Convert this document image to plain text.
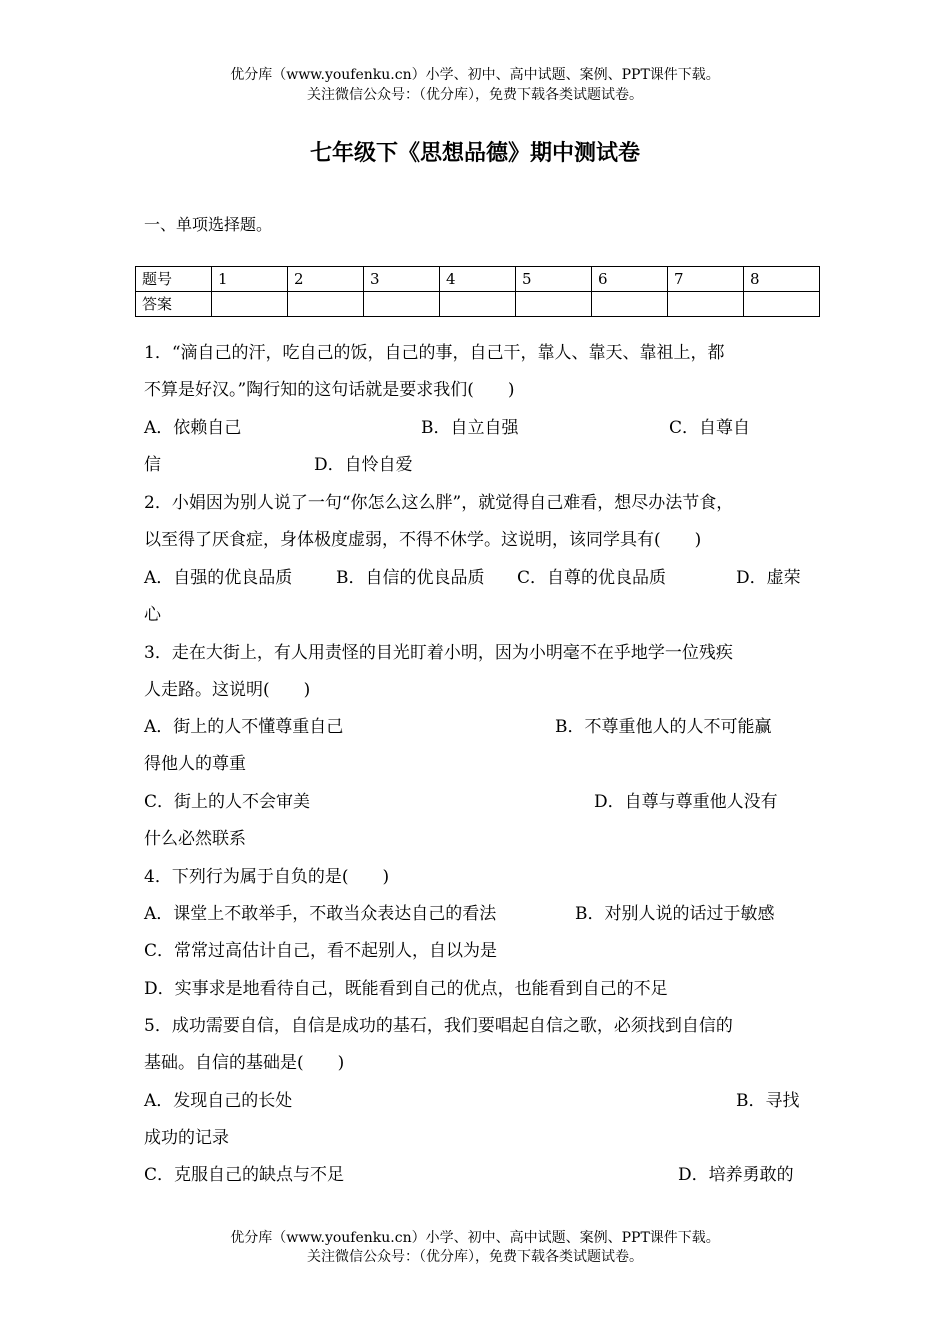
优分库（www.youfenku.cn）小学、初中、高中试题、案例、PPT课件下载。
关注微信公众号：（优分库），免费下载各类试题试卷。
七年级下《思想品德》期中测试卷
一、单项选择题。
题号	1	2	3	4	5	6	7	8
答案								
1．“滴自己的汗，吃自己的饭，自己的事，自己干，靠人、靠天、靠祖上，都
不算是好汉。”陶行知的这句话就是要求我们(　　)
A．依赖自己	B．自立自强	C．自尊自
信	D．自怜自爱
2．小娟因为别人说了一句“你怎么这么胖”，就觉得自己难看，想尽办法节食，
以至得了厌食症，身体极度虚弱，不得不休学。这说明，该同学具有(　　)
A．自强的优良品质	B．自信的优良品质 C．自尊的优良品质	D．虚荣
心
3．走在大街上，有人用责怪的目光盯着小明，因为小明毫不在乎地学一位残疾
人走路。这说明(　　)
A．街上的人不懂尊重自己	B．不尊重他人的人不可能赢
得他人的尊重
C．街上的人不会审美	D．自尊与尊重他人没有
什么必然联系
4．下列行为属于自负的是(　　)
A．课堂上不敢举手，不敢当众表达自己的看法	B．对别人说的话过于敏感
C．常常过高估计自己，看不起别人，自以为是
D．实事求是地看待自己，既能看到自己的优点，也能看到自己的不足
5．成功需要自信，自信是成功的基石，我们要唱起自信之歌，必须找到自信的
基础。自信的基础是(　　)
A．发现自己的长处	B．寻找
成功的记录
C．克服自己的缺点与不足	D．培养勇敢的
优分库（www.youfenku.cn）小学、初中、高中试题、案例、PPT课件下载。
关注微信公众号：（优分库），免费下载各类试题试卷。
